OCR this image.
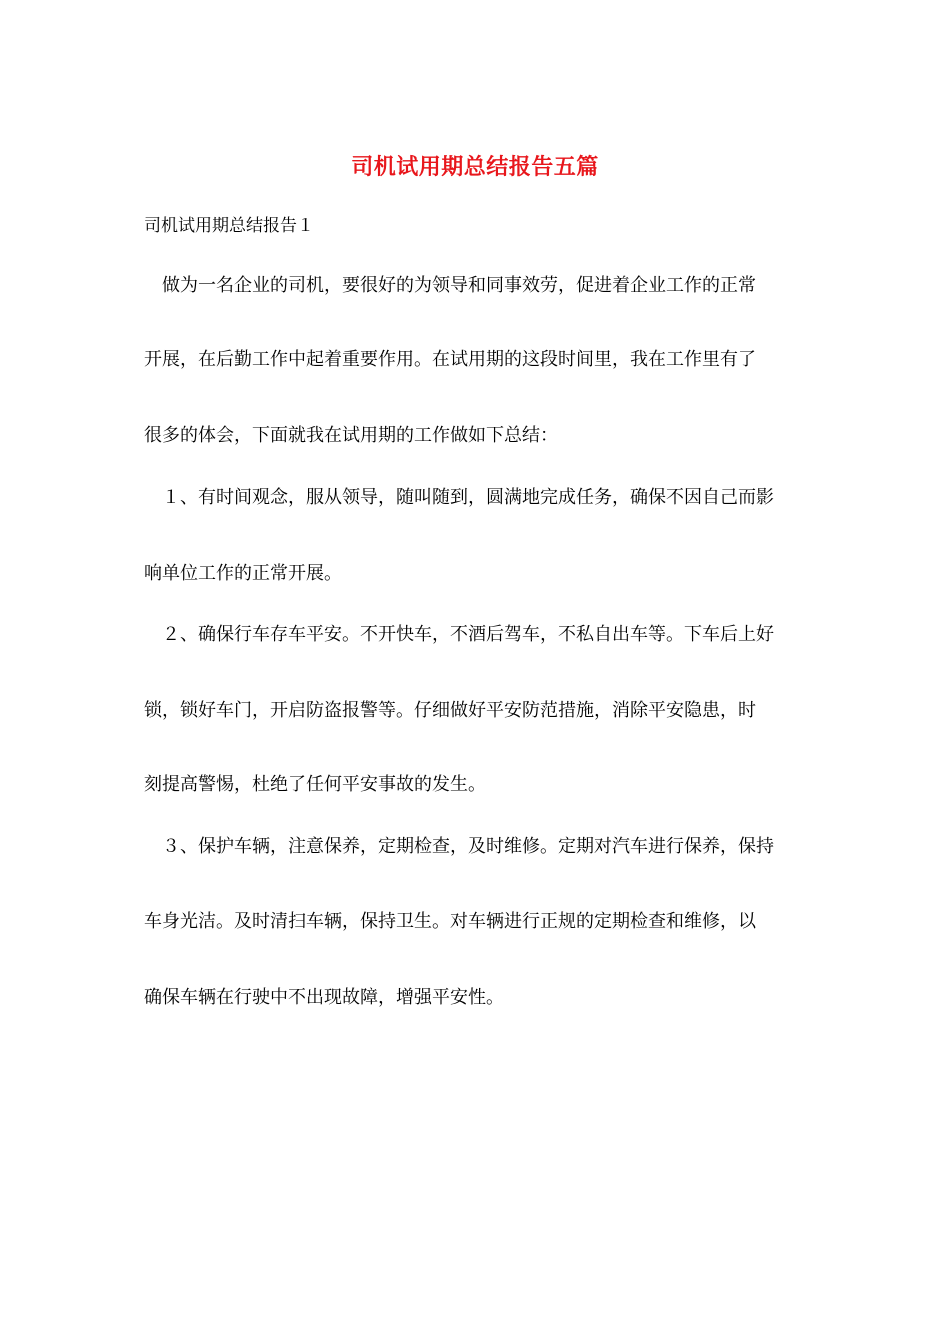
司机试用期总结报告五篇
司机试用期总结报告１
做为一名企业的司机，要很好的为领导和同事效劳，促进着企业工作的正常
开展，在后勤工作中起着重要作用。在试用期的这段时间里，我在工作里有了
很多的体会，下面就我在试用期的工作做如下总结：
１、有时间观念，服从领导，随叫随到，圆满地完成任务，确保不因自己而影
响单位工作的正常开展。
２、确保行车存车平安。不开快车，不酒后驾车，不私自出车等。下车后上好
锁，锁好车门，开启防盗报警等。仔细做好平安防范措施，消除平安隐患，时
刻提高警惕，杜绝了任何平安事故的发生。
３、保护车辆，注意保养，定期检查，及时维修。定期对汽车进行保养，保持
车身光洁。及时清扫车辆，保持卫生。对车辆进行正规的定期检查和维修，以
确保车辆在行驶中不出现故障，增强平安性。
